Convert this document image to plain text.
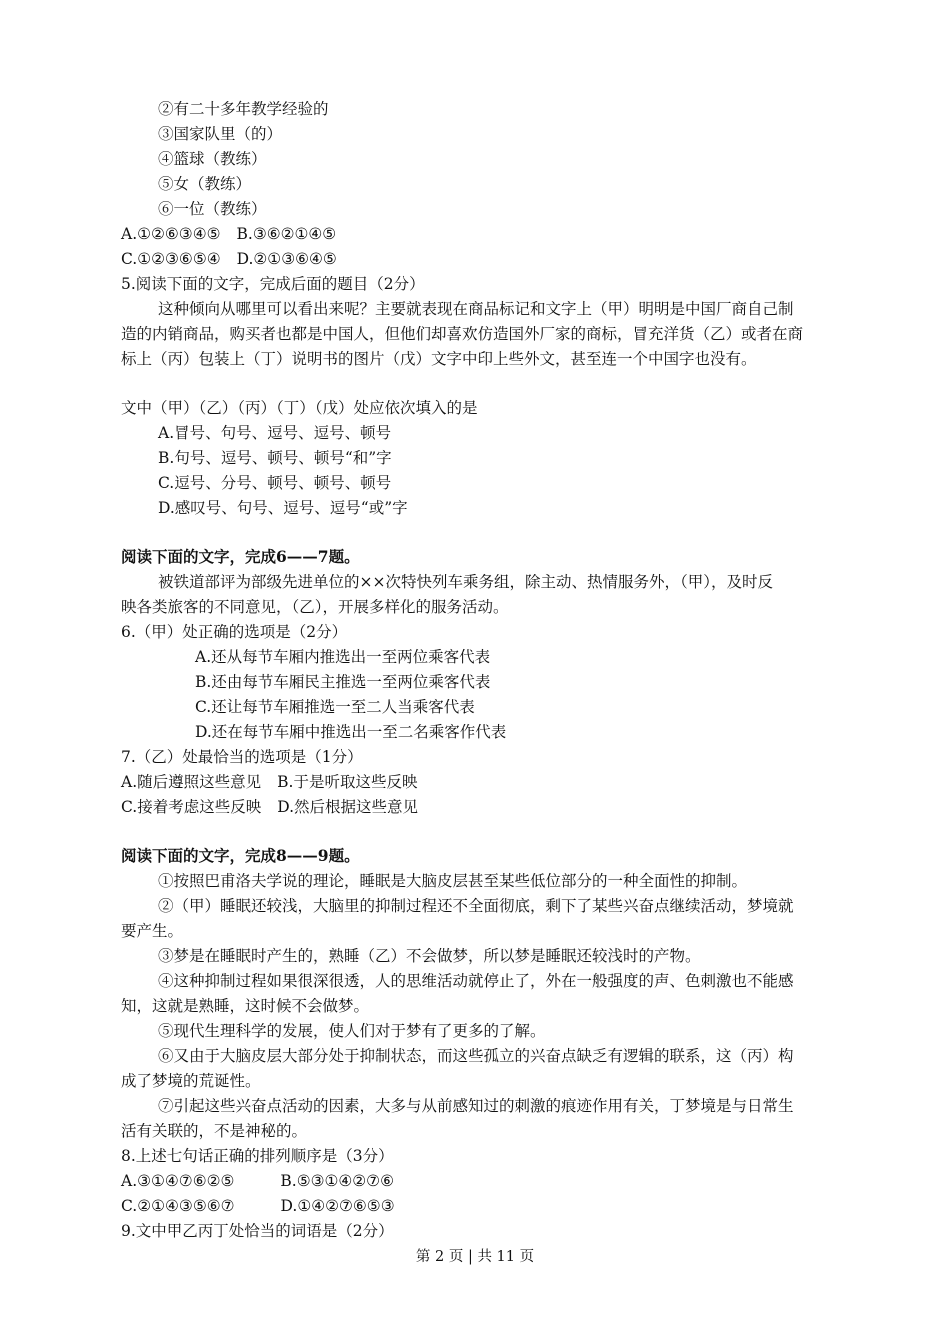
②有二十多年教学经验的
③国家队里（的）
④篮球（教练）
⑤女（教练）
⑥一位（教练）
A.①②⑥③④⑤ B.③⑥②①④⑤
C.①②③⑥⑤④ D.②①③⑥④⑤
5.阅读下面的文字，完成后面的题目（2分）
这种倾向从哪里可以看出来呢？主要就表现在商品标记和文字上（甲）明明是中国厂商自己制
造的内销商品，购买者也都是中国人，但他们却喜欢仿造国外厂家的商标，冒充洋货（乙）或者在商
标上（丙）包装上（丁）说明书的图片（戊）文字中印上些外文，甚至连一个中国字也没有。
文中（甲）（乙）（丙）（丁）（戊）处应依次填入的是
A.冒号、句号、逗号、逗号、顿号
B.句号、逗号、顿号、顿号“和”字
C.逗号、分号、顿号、顿号、顿号
D.感叹号、句号、逗号、逗号“或”字
阅读下面的文字，完成6——7题。
被铁道部评为部级先进单位的××次特快列车乘务组，除主动、热情服务外，（甲），及时反
映各类旅客的不同意见，（乙），开展多样化的服务活动。
6.（甲）处正确的选项是（2分）
A.还从每节车厢内推选出一至两位乘客代表
B.还由每节车厢民主推选一至两位乘客代表
C.还让每节车厢推选一至二人当乘客代表
D.还在每节车厢中推选出一至二名乘客作代表
7.（乙）处最恰当的选项是（1分）
A.随后遵照这些意见 B.于是听取这些反映
C.接着考虑这些反映 D.然后根据这些意见
阅读下面的文字，完成8——9题。
①按照巴甫洛夫学说的理论，睡眠是大脑皮层甚至某些低位部分的一种全面性的抑制。
②（甲）睡眠还较浅，大脑里的抑制过程还不全面彻底，剩下了某些兴奋点继续活动，梦境就
要产生。
③梦是在睡眠时产生的，熟睡（乙）不会做梦，所以梦是睡眠还较浅时的产物。
④这种抑制过程如果很深很透，人的思维活动就停止了，外在一般强度的声、色刺激也不能感
知，这就是熟睡，这时候不会做梦。
⑤现代生理科学的发展，使人们对于梦有了更多的了解。
⑥又由于大脑皮层大部分处于抑制状态，而这些孤立的兴奋点缺乏有逻辑的联系，这（丙）构
成了梦境的荒诞性。
⑦引起这些兴奋点活动的因素，大多与从前感知过的刺激的痕迹作用有关，丁梦境是与日常生
活有关联的，不是神秘的。
8.上述七句话正确的排列顺序是（3分）
A.③①④⑦⑥②⑤	B.⑤③①④②⑦⑥
C.②①④③⑤⑥⑦	D.①④②⑦⑥⑤③
9.文中甲乙丙丁处恰当的词语是（2分）
第 2 页 | 共 11 页
